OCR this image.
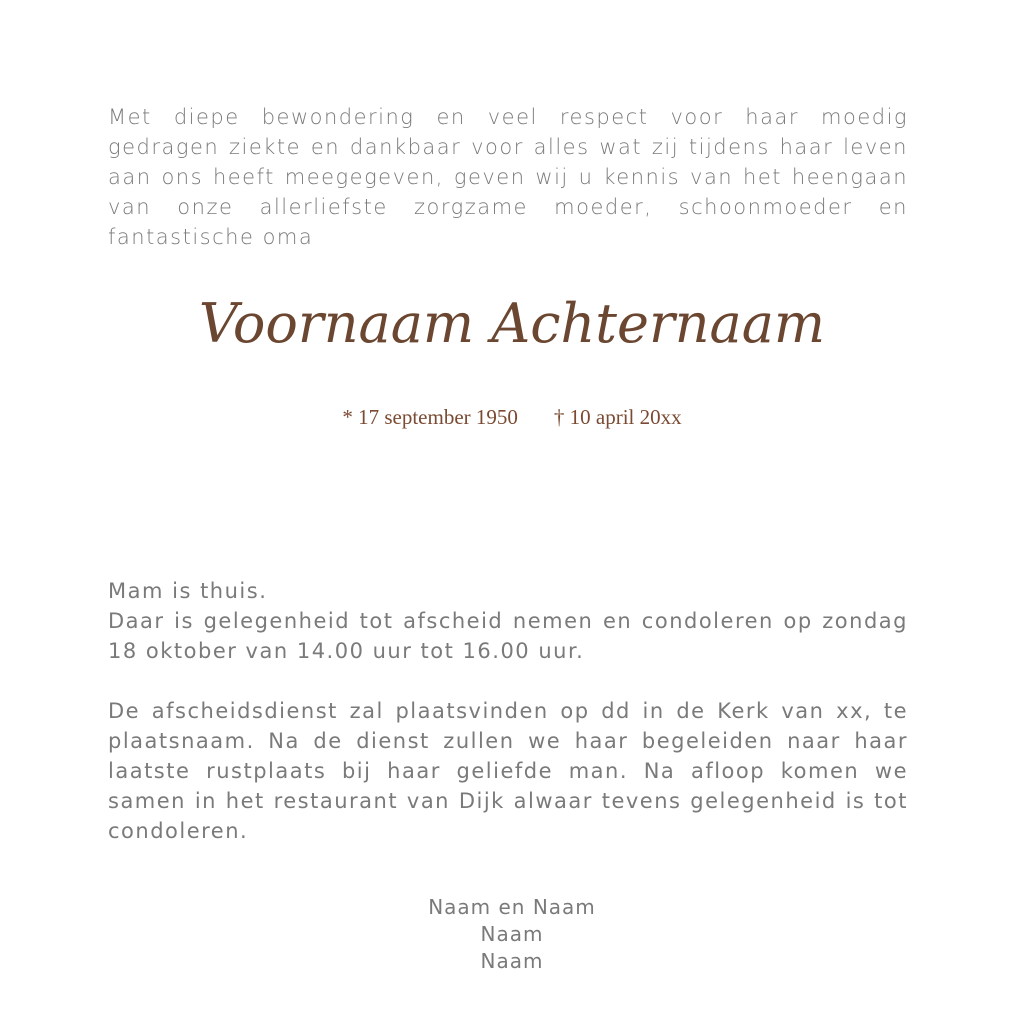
Met diepe bewondering en veel respect voor haar moedig gedragen ziekte en dankbaar voor alles wat zij tijdens haar leven aan ons heeft meegegeven, geven wij u kennis van het heengaan van onze allerliefste zorgzame moeder, schoonmoeder en fantastische oma
Voornaam Achternaam
* 17 september 1950 † 10 april 20xx

Mam is thuis.

Daar is gelegenheid tot afscheid nemen en condoleren op zondag 18 oktober van 14.00 uur tot 16.00 uur.

De afscheidsdienst zal plaatsvinden op dd in de Kerk van xx, te plaatsnaam. Na de dienst zullen we haar begeleiden naar haar laatste rustplaats bij haar geliefde man. Na afloop komen we samen in het restaurant van Dijk alwaar tevens gelegenheid is tot condoleren.

Naam en Naam
Naam
Naam
